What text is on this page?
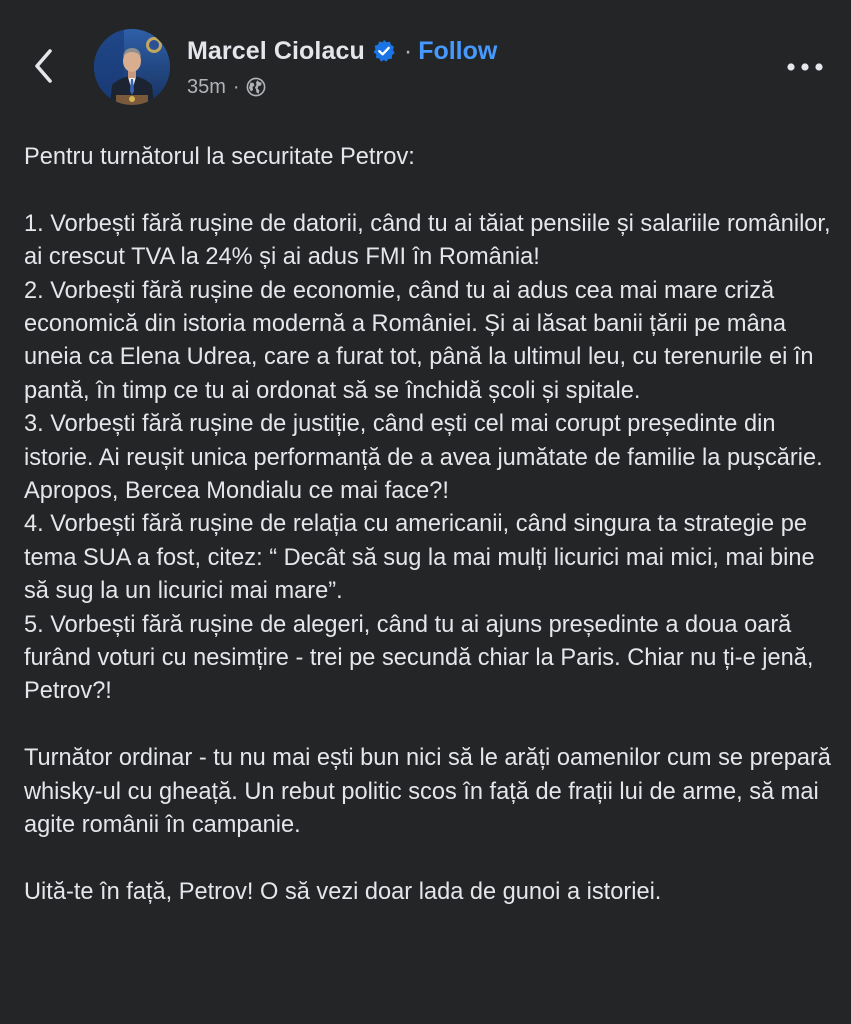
Marcel Ciolacu · Follow
35m ·

Pentru turnătorul la securitate Petrov:

1. Vorbești fără rușine de datorii, când tu ai tăiat pensiile și salariile românilor, ai crescut TVA la 24% și ai adus FMI în România!

2. Vorbești fără rușine de economie, când tu ai adus cea mai mare criză economică din istoria modernă a României. Și ai lăsat banii țării pe mâna uneia ca Elena Udrea, care a furat tot, până la ultimul leu, cu terenurile ei în pantă, în timp ce tu ai ordonat să se închidă școli și spitale.

3. Vorbești fără rușine de justiție, când ești cel mai corupt președinte din istorie. Ai reușit unica performanță de a avea jumătate de familie la pușcărie. Apropos, Bercea Mondialu ce mai face?!

4. Vorbești fără rușine de relația cu americanii, când singura ta strategie pe tema SUA a fost, citez: “ Decât să sug la mai mulți licurici mai mici, mai bine să sug la un licurici mai mare”.

5. Vorbești fără rușine de alegeri, când tu ai ajuns președinte a doua oară furând voturi cu nesimțire - trei pe secundă chiar la Paris. Chiar nu ți-e jenă, Petrov?!

Turnător ordinar - tu nu mai ești bun nici să le arăți oamenilor cum se prepară whisky-ul cu gheață. Un rebut politic scos în față de frații lui de arme, să mai agite românii în campanie.

Uită-te în față, Petrov! O să vezi doar lada de gunoi a istoriei.
